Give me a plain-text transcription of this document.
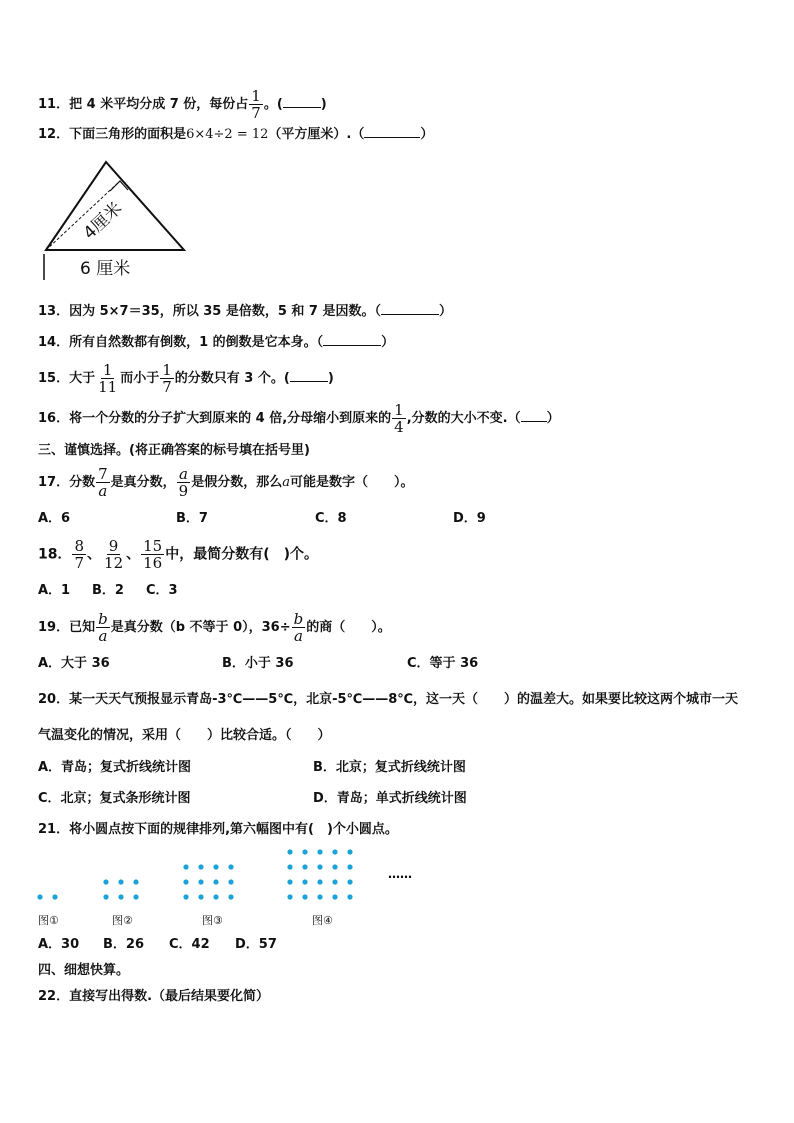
11．把 4 米平均分成 7 份，每份占 $\frac{1}{7}$ 。(	)
12．下面三角形的面积是6×4÷2 = 12（平方厘米）.（	）
4厘米
6 厘米
13．因为 5×7＝35，所以 35 是倍数，5 和 7 是因数。（	）
14．所有自然数都有倒数，1 的倒数是它本身。（	）
15．大于 $\frac{1}{11}$ 而小于 $\frac{1}{7}$ 的分数只有 3 个。(	)
16．将一个分数的分子扩大到原来的 4 倍,分母缩小到原来的 $\frac{1}{4}$ ,分数的大小不变.（ ）
三、谨慎选择。(将正确答案的标号填在括号里)
17．分数 $\frac{7}{a}$ 是真分数， $\frac{a}{9}$ 是假分数，那么a可能是数字（　　）。
A．6	B．7	C．8	D．9
18． $\frac{8}{7}$ 、 $\frac{9}{12}$ 、 $\frac{15}{16}$ 中，最简分数有(　)个。
A．1 B．2 C．3
19．已知 $\frac{b}{a}$ 是真分数（b 不等于 0），$36\div \frac{b}{a}$ 的商（　　）。
A．大于 36	B．小于 36	C．等于 36
20．某一天天气预报显示青岛-3℃——5℃，北京-5℃——8℃，这一天（　　）的温差大。如果要比较这两个城市一天
气温变化的情况，采用（　　）比较合适。（　　）
A．青岛；复式折线统计图	B．北京；复式折线统计图
C．北京；复式条形统计图	D．青岛；单式折线统计图
21．将小圆点按下面的规律排列,第六幅图中有(　)个小圆点。
……
图①	图②	图③	图④
A．30 B．26 C．42 D．57
四、细想快算。
22．直接写出得数.（最后结果要化简）
